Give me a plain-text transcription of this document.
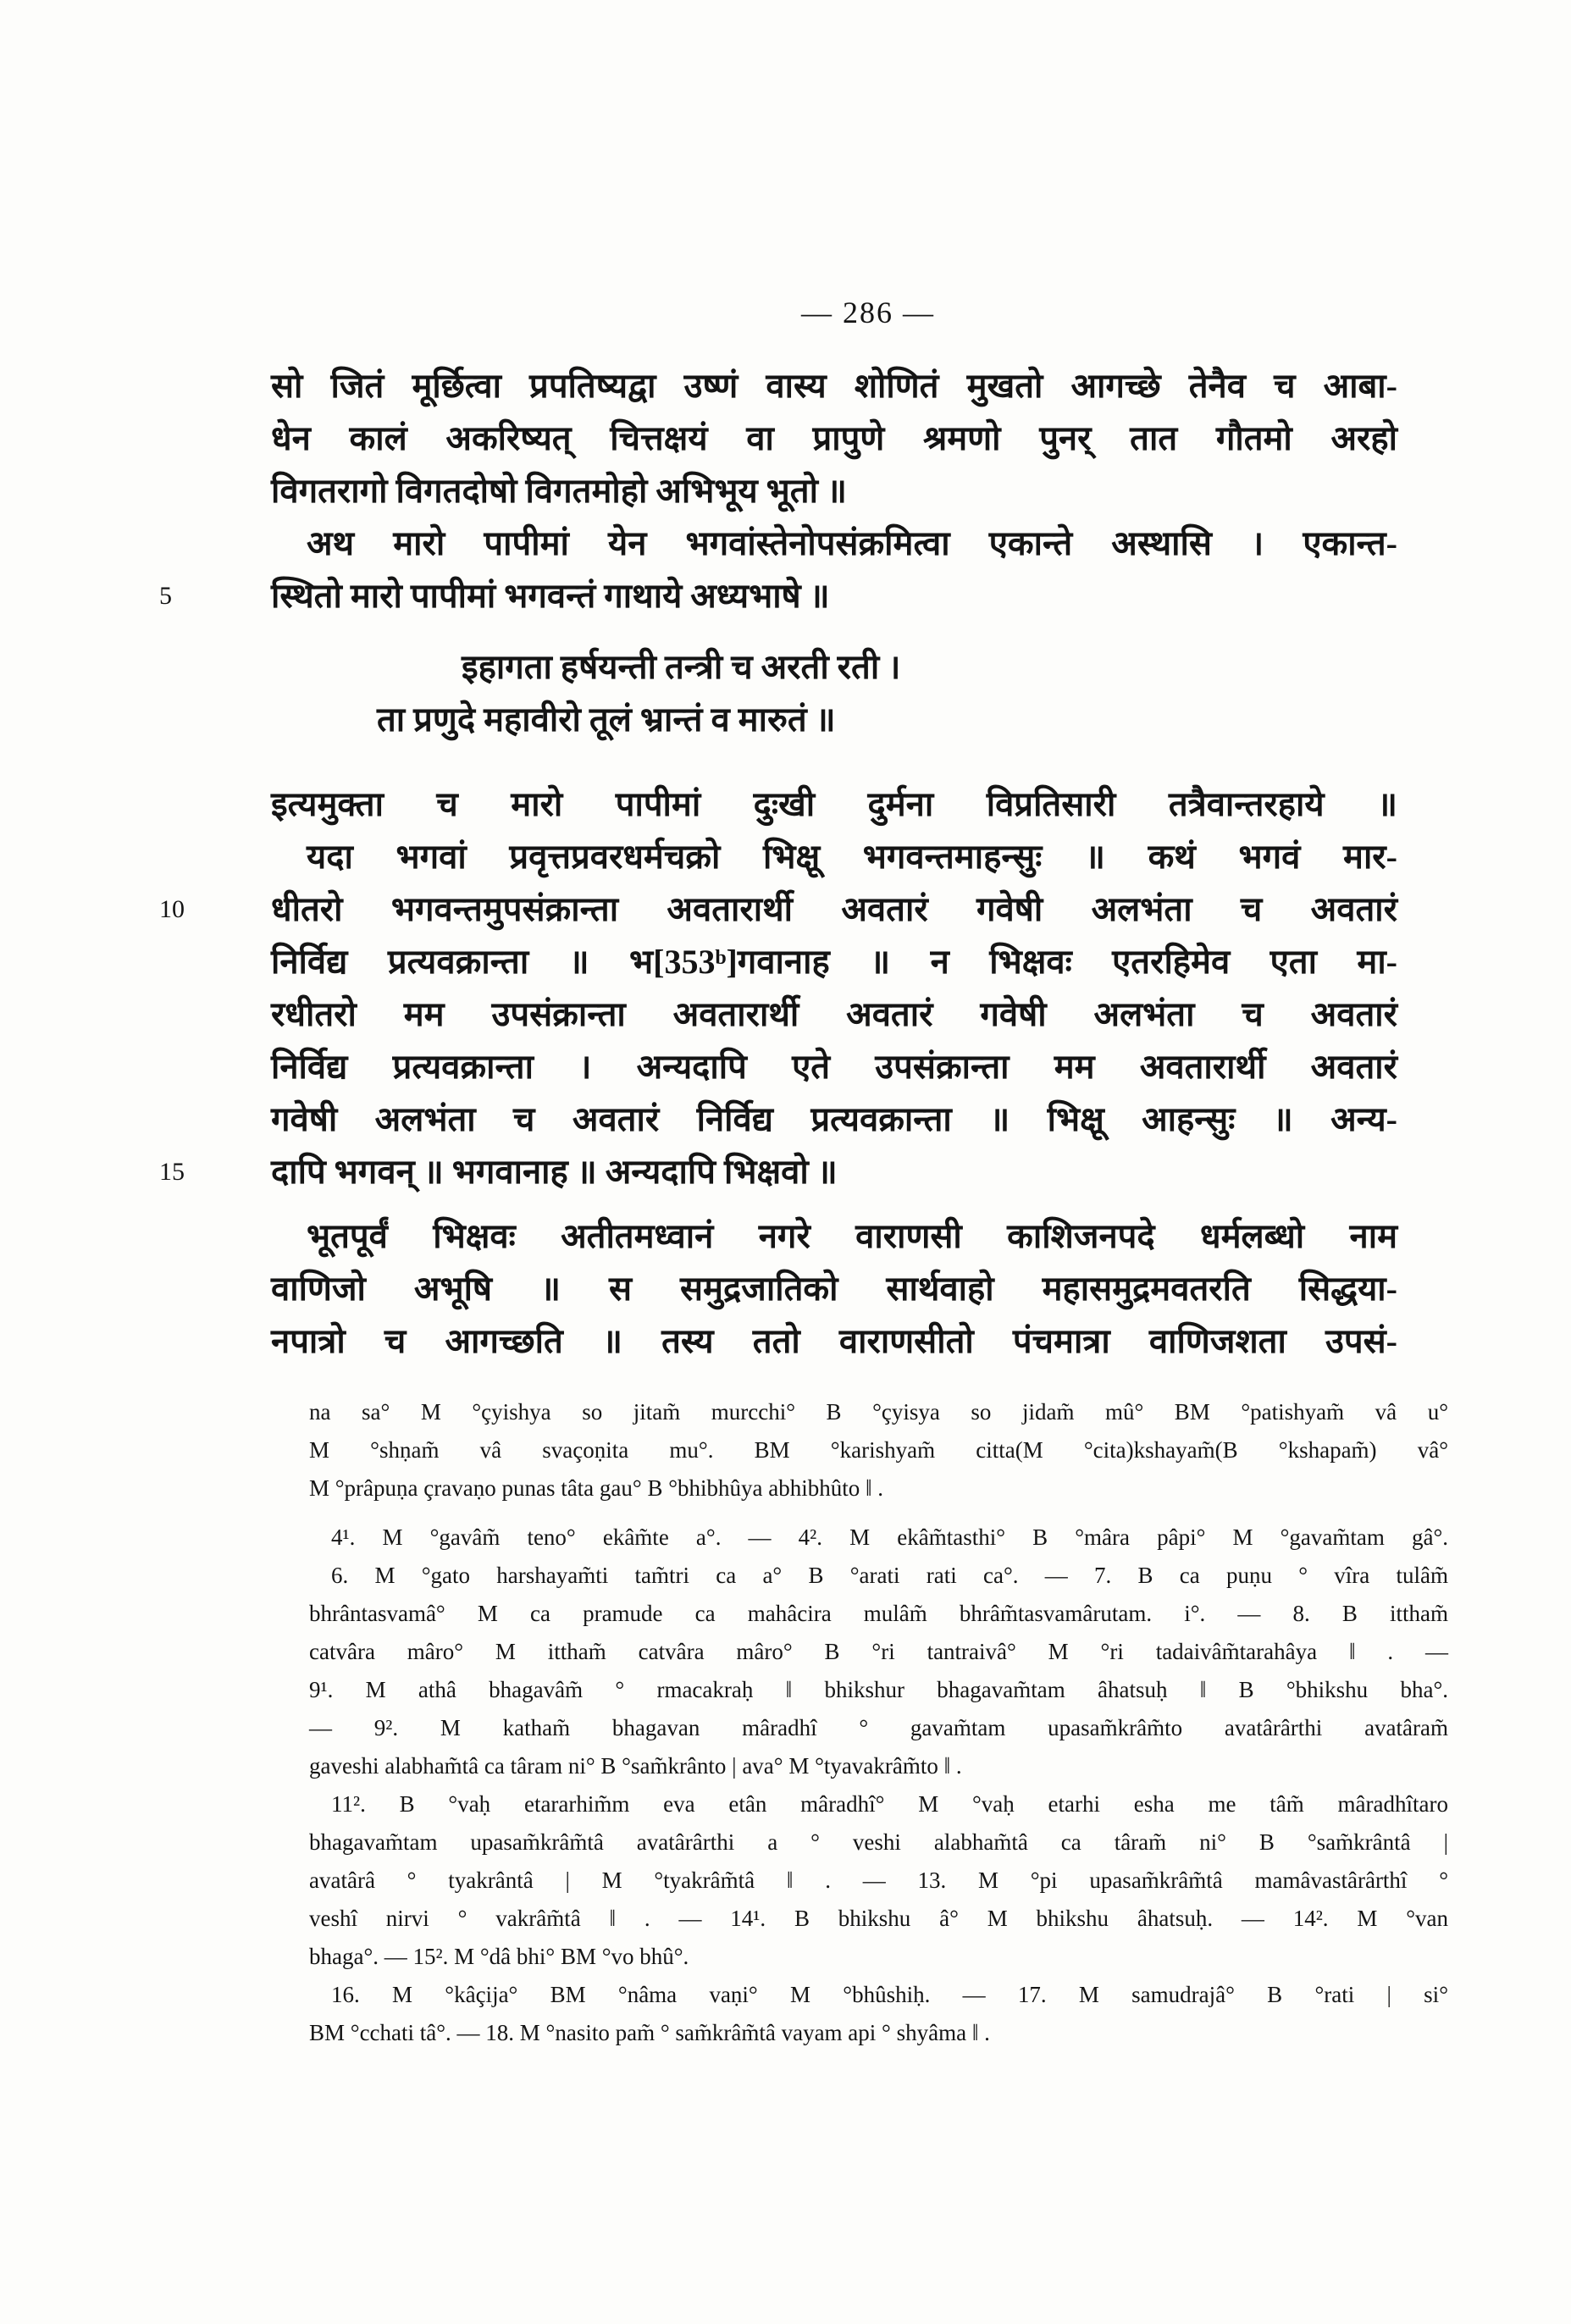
— 286 —
सो जितं मूर्छित्वा प्रपतिष्यद्वा उष्णं वास्य शोणितं मुखतो आगच्छे तेनैव च आबा-
धेन कालं अकरिष्यत् चित्तक्षयं वा प्रापुणे श्रमणो पुनर् तात गौतमो अरहो
विगतरागो विगतदोषो विगतमोहो अभिभूय भूतो ॥
अथ मारो पापीमां येन भगवांस्तेनोपसंक्रमित्वा एकान्ते अस्थासि । एकान्त-
5	स्थितो मारो पापीमां भगवन्तं गाथाये अध्यभाषे ॥
इहागता हर्षयन्ती तन्त्री च अरती रती ।
ता प्रणुदे महावीरो तूलं भ्रान्तं व मारुतं ॥
इत्यमुक्ता च मारो पापीमां दुःखी दुर्मना विप्रतिसारी तत्रैवान्तरहाये ॥
यदा भगवां प्रवृत्तप्रवरधर्मचक्रो भिक्षू भगवन्तमाहन्सुः ॥ कथं भगवं मार-
10	धीतरो भगवन्तमुपसंक्रान्ता अवतारार्थी अवतारं गवेषी अलभंता च अवतारं
निर्विद्य प्रत्यवक्रान्ता ॥ भ[353ᵇ]गवानाह ॥ न भिक्षवः एतरहिमेव एता मा-
रधीतरो मम उपसंक्रान्ता अवतारार्थी अवतारं गवेषी अलभंता च अवतारं
निर्विद्य प्रत्यवक्रान्ता । अन्यदापि एते उपसंक्रान्ता मम अवतारार्थी अवतारं
गवेषी अलभंता च अवतारं निर्विद्य प्रत्यवक्रान्ता ॥ भिक्षू आहन्सुः ॥ अन्य-
15	दापि भगवन् ॥ भगवानाह ॥ अन्यदापि भिक्षवो ॥
भूतपूर्वं भिक्षवः अतीतमध्वानं नगरे वाराणसी काशिजनपदे धर्मलब्धो नाम
वाणिजो अभूषि ॥ स समुद्रजातिको सार्थवाहो महासमुद्रमवतरति सिद्धया-
नपात्रो च आगच्छति ॥ तस्य ततो वाराणसीतो पंचमात्रा वाणिजशता उपसं-
na sa° M °çyishya so jitam̃ murcchi° B °çyisya so jidam̃ mû° BM °patishyam̃ vâ u°
M °shṇam̃ vâ svaçoṇita mu°. BM °karishyam̃ citta(M °cita)kshayam̃(B °kshapam̃) vâ°
M °prâpuṇa çravaṇo punas tâta gau° B °bhibhûya abhibhûto ‖ .
4¹. M °gavâm̃ teno° ekâm̃te a°. — 4². M ekâm̃tasthi° B °mâra pâpi° M °gavam̃tam gâ°.
6. M °gato harshayam̃ti tam̃tri ca a° B °arati rati ca°. — 7. B ca puṇu ° vîra tulâm̃
bhrântasvamâ° M ca pramude ca mahâcira mulâm̃ bhrâm̃tasvamârutam. i°. — 8. B ittham̃
catvâra mâro° M ittham̃ catvâra mâro° B °ri tantraivâ° M °ri tadaivâm̃tarahâya ‖ . —
9¹. M athâ bhagavâm̃ ° rmacakraḥ ‖ bhikshur bhagavam̃tam âhatsuḥ ‖ B °bhikshu bha°.
— 9². M katham̃ bhagavan mâradhî ° gavam̃tam upasam̃krâm̃to avatârârthi avatâram̃
gaveshi alabham̃tâ ca târam ni° B °sam̃krânto | ava° M °tyavakrâm̃to ‖ .
11². B °vaḥ etararhim̃m eva etân mâradhî° M °vaḥ etarhi esha me tâm̃ mâradhîtaro
bhagavam̃tam upasam̃krâm̃tâ avatârârthi a ° veshi alabham̃tâ ca târam̃ ni° B °sam̃krântâ |
avatârâ ° tyakrântâ | M °tyakrâm̃tâ ‖ . — 13. M °pi upasam̃krâm̃tâ mamâvastârârthî °
veshî nirvi ° vakrâm̃tâ ‖ . — 14¹. B bhikshu â° M bhikshu âhatsuḥ. — 14². M °van
bhaga°. — 15². M °dâ bhi° BM °vo bhû°.
16. M °kâçija° BM °nâma vaṇi° M °bhûshiḥ. — 17. M samudrajâ° B °rati | si°
BM °cchati tâ°. — 18. M °nasito pam̃ ° sam̃krâm̃tâ vayam api ° shyâma ‖ .
